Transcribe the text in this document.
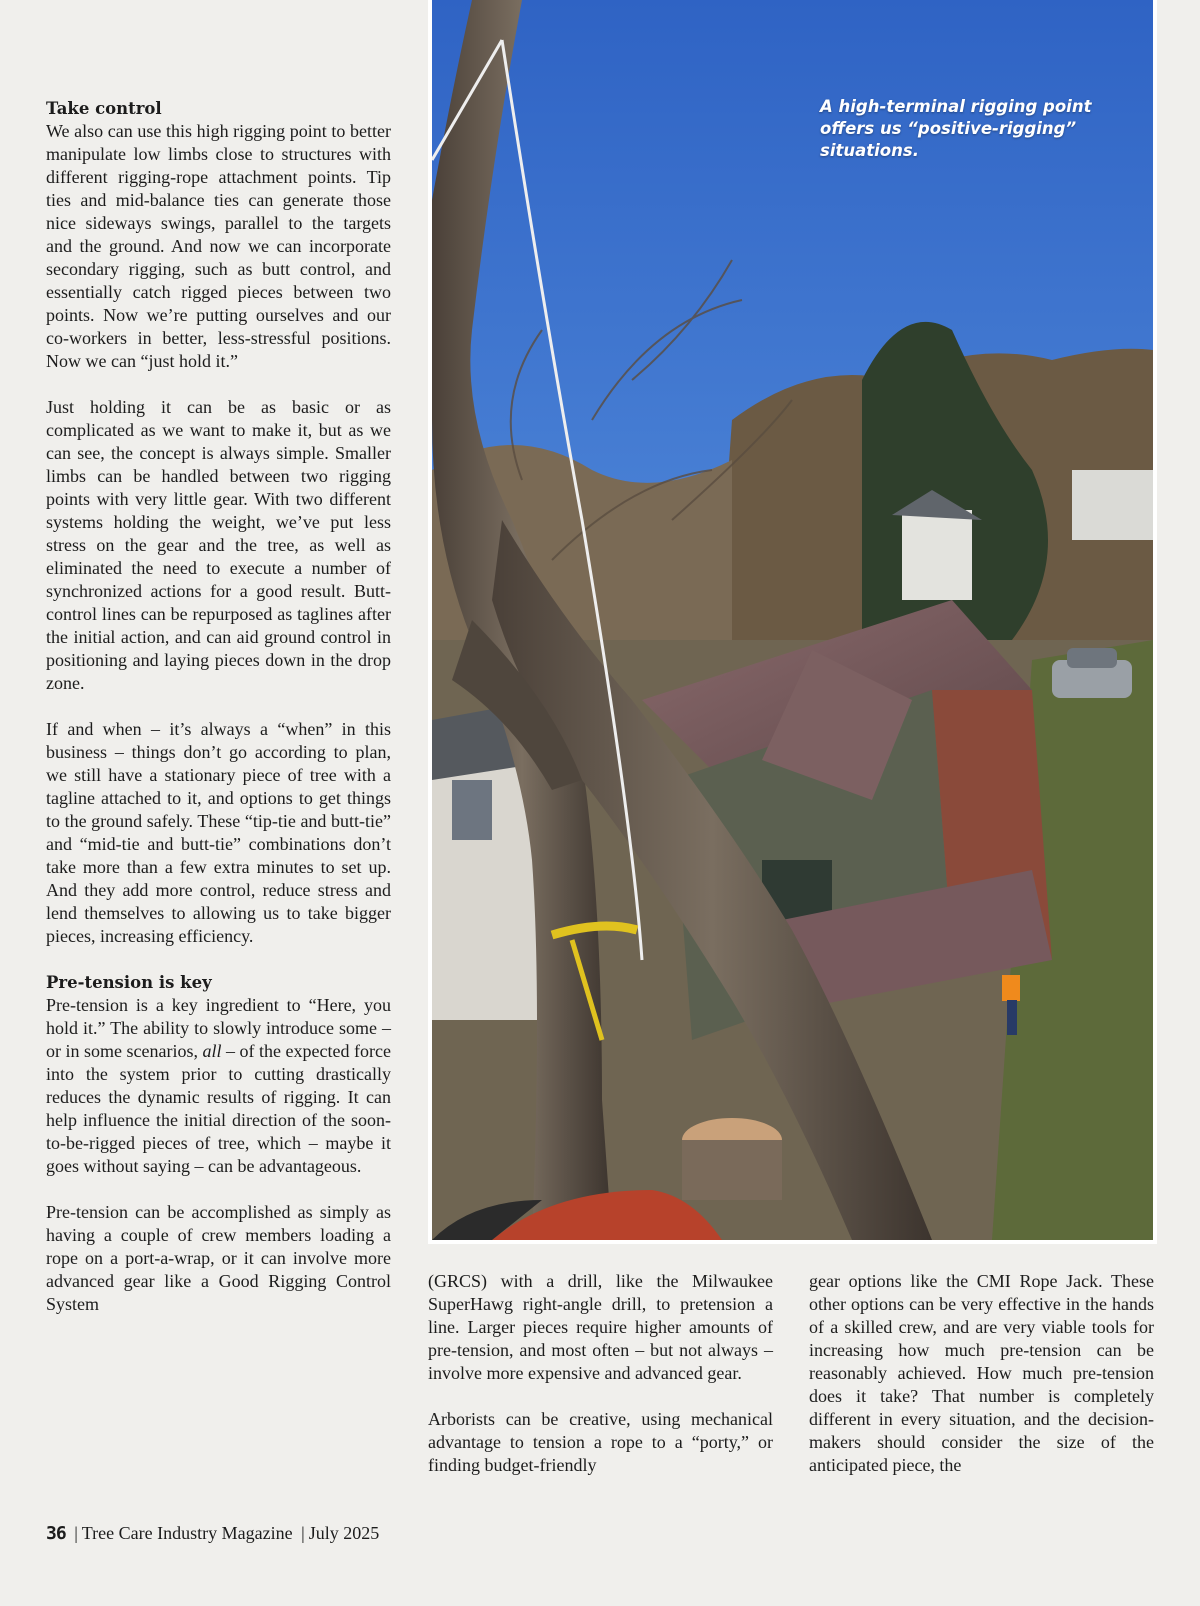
Take control

We also can use this high rigging point to better manipulate low limbs close to structures with different rigging-rope attachment points. Tip ties and mid-balance ties can generate those nice sideways swings, parallel to the targets and the ground. And now we can incorporate secondary rigging, such as butt control, and essentially catch rigged pieces between two points. Now we’re putting ourselves and our co-workers in better, less-stressful positions. Now we can “just hold it.”

Just holding it can be as basic or as complicated as we want to make it, but as we can see, the concept is always simple. Smaller limbs can be handled between two rigging points with very little gear. With two different systems holding the weight, we’ve put less stress on the gear and the tree, as well as eliminated the need to execute a number of synchronized actions for a good result. Butt-control lines can be repurposed as taglines after the initial action, and can aid ground control in positioning and laying pieces down in the drop zone.

If and when – it’s always a “when” in this business – things don’t go according to plan, we still have a stationary piece of tree with a tagline attached to it, and options to get things to the ground safely. These “tip-tie and butt-tie” and “mid-tie and butt-tie” combinations don’t take more than a few extra minutes to set up. And they add more control, reduce stress and lend themselves to allowing us to take bigger pieces, increasing efficiency.

Pre-tension is key

Pre-tension is a key ingredient to “Here, you hold it.” The ability to slowly introduce some – or in some scenarios, all – of the expected force into the system prior to cutting drastically reduces the dynamic results of rigging. It can help influence the initial direction of the soon-to-be-rigged pieces of tree, which – maybe it goes without saying – can be advantageous.

Pre-tension can be accomplished as simply as having a couple of crew members loading a rope on a port-a-wrap, or it can involve more advanced gear like a Good Rigging Control System

A high-terminal rigging point offers us “positive-rigging” situations.

(GRCS) with a drill, like the Milwaukee SuperHawg right-angle drill, to pretension a line. Larger pieces require higher amounts of pre-tension, and most often – but not always – involve more expensive and advanced gear.

Arborists can be creative, using mechanical advantage to tension a rope to a “porty,” or finding budget-friendly

gear options like the CMI Rope Jack. These other options can be very effective in the hands of a skilled crew, and are very viable tools for increasing how much pre-tension can be reasonably achieved. How much pre-tension does it take? That number is completely different in every situation, and the decision-makers should consider the size of the anticipated piece, the

36 | Tree Care Industry Magazine | July 2025
